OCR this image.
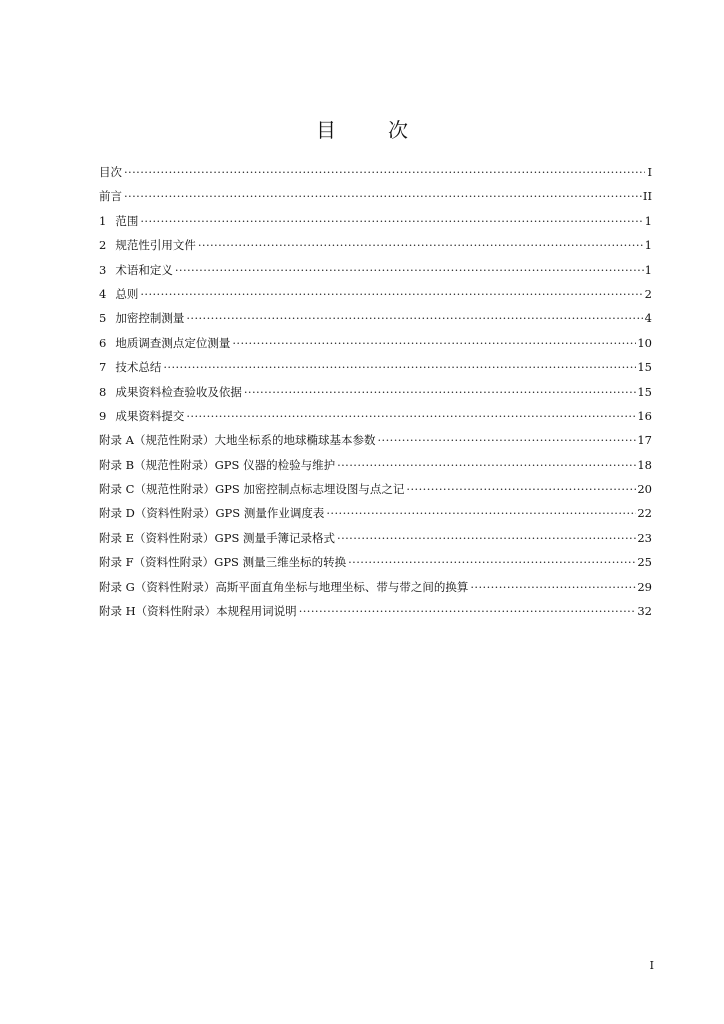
目	次
目次 ·····	I
前言 ·····	II
1 范围 ·····	1
2 规范性引用文件 ·····	1
3 术语和定义 ·····	1
4 总则 ·····	2
5 加密控制测量 ·····	4
6 地质调查测点定位测量 ·····	10
7 技术总结 ·····	15
8 成果资料检查验收及依据 ·····	15
9 成果资料提交 ·····	16
附录 A（规范性附录）大地坐标系的地球椭球基本参数 ·····	17
附录 B（规范性附录）GPS 仪器的检验与维护 ·····	18
附录 C（规范性附录）GPS 加密控制点标志埋设图与点之记 ·····	20
附录 D（资料性附录）GPS 测量作业调度表 ·····	22
附录 E（资料性附录）GPS 测量手簿记录格式 ·····	23
附录 F（资料性附录）GPS 测量三维坐标的转换 ·····	25
附录 G（资料性附录）高斯平面直角坐标与地理坐标、带与带之间的换算 ·····	29
附录 H（资料性附录）本规程用词说明 ·····	32
I
